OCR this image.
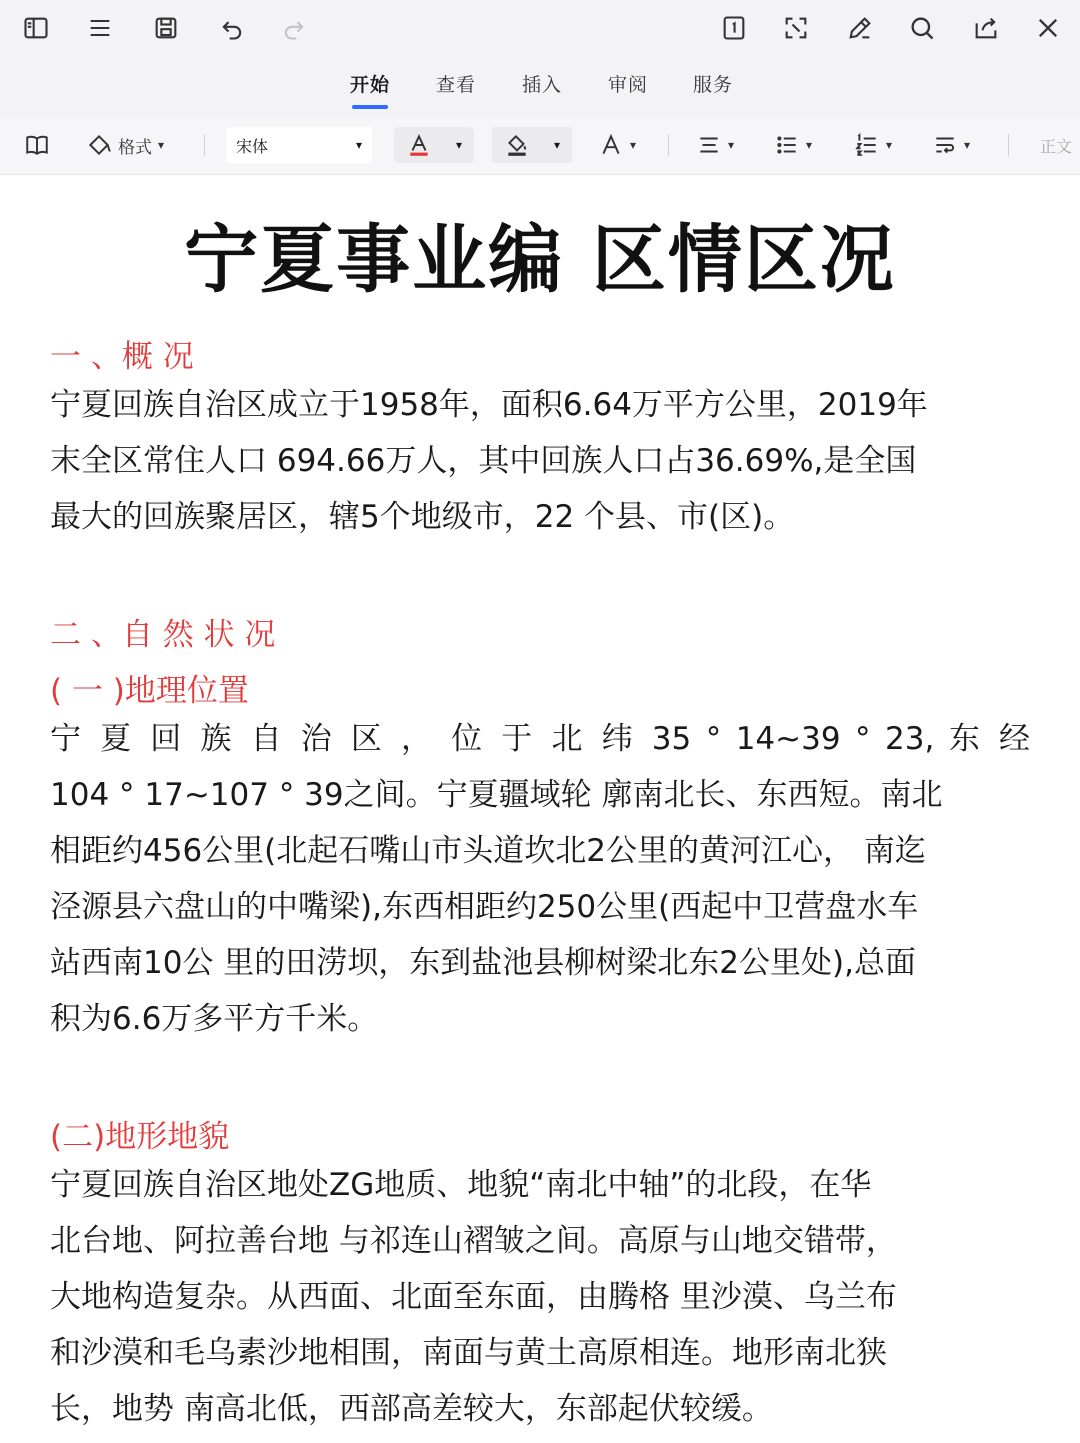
开始 查看 插入 审阅 服务
格式 ▾	宋体	▾	▾	▾	▾	▾	▾	▾	▾	正文
宁夏事业编 区情区况
一 、概 况
宁夏回族自治区成立于1958年，面积6.64万平方公里，2019年
末全区常住人口 694.66万人，其中回族人口占36.69%,是全国
最大的回族聚居区，辖5个地级市，22 个县、市(区)。
二 、自 然 状 况
( 一 )地理位置
宁 夏 回 族 自 治 区 ， 位 于 北 纬 35 ° 14~39 ° 23, 东 经
104 ° 17~107 ° 39之间。宁夏疆域轮 廓南北长、东西短。南北
相距约456公里(北起石嘴山市头道坎北2公里的黄河江心， 南迄
泾源县六盘山的中嘴梁),东西相距约250公里(西起中卫营盘水车
站西南10公 里的田涝坝，东到盐池县柳树梁北东2公里处),总面
积为6.6万多平方千米。
(二)地形地貌
宁夏回族自治区地处ZG地质、地貌“南北中轴”的北段，在华
北台地、阿拉善台地 与祁连山褶皱之间。高原与山地交错带，
大地构造复杂。从西面、北面至东面，由腾格 里沙漠、乌兰布
和沙漠和毛乌素沙地相围，南面与黄土高原相连。地形南北狭
长，地势 南高北低，西部高差较大，东部起伏较缓。
